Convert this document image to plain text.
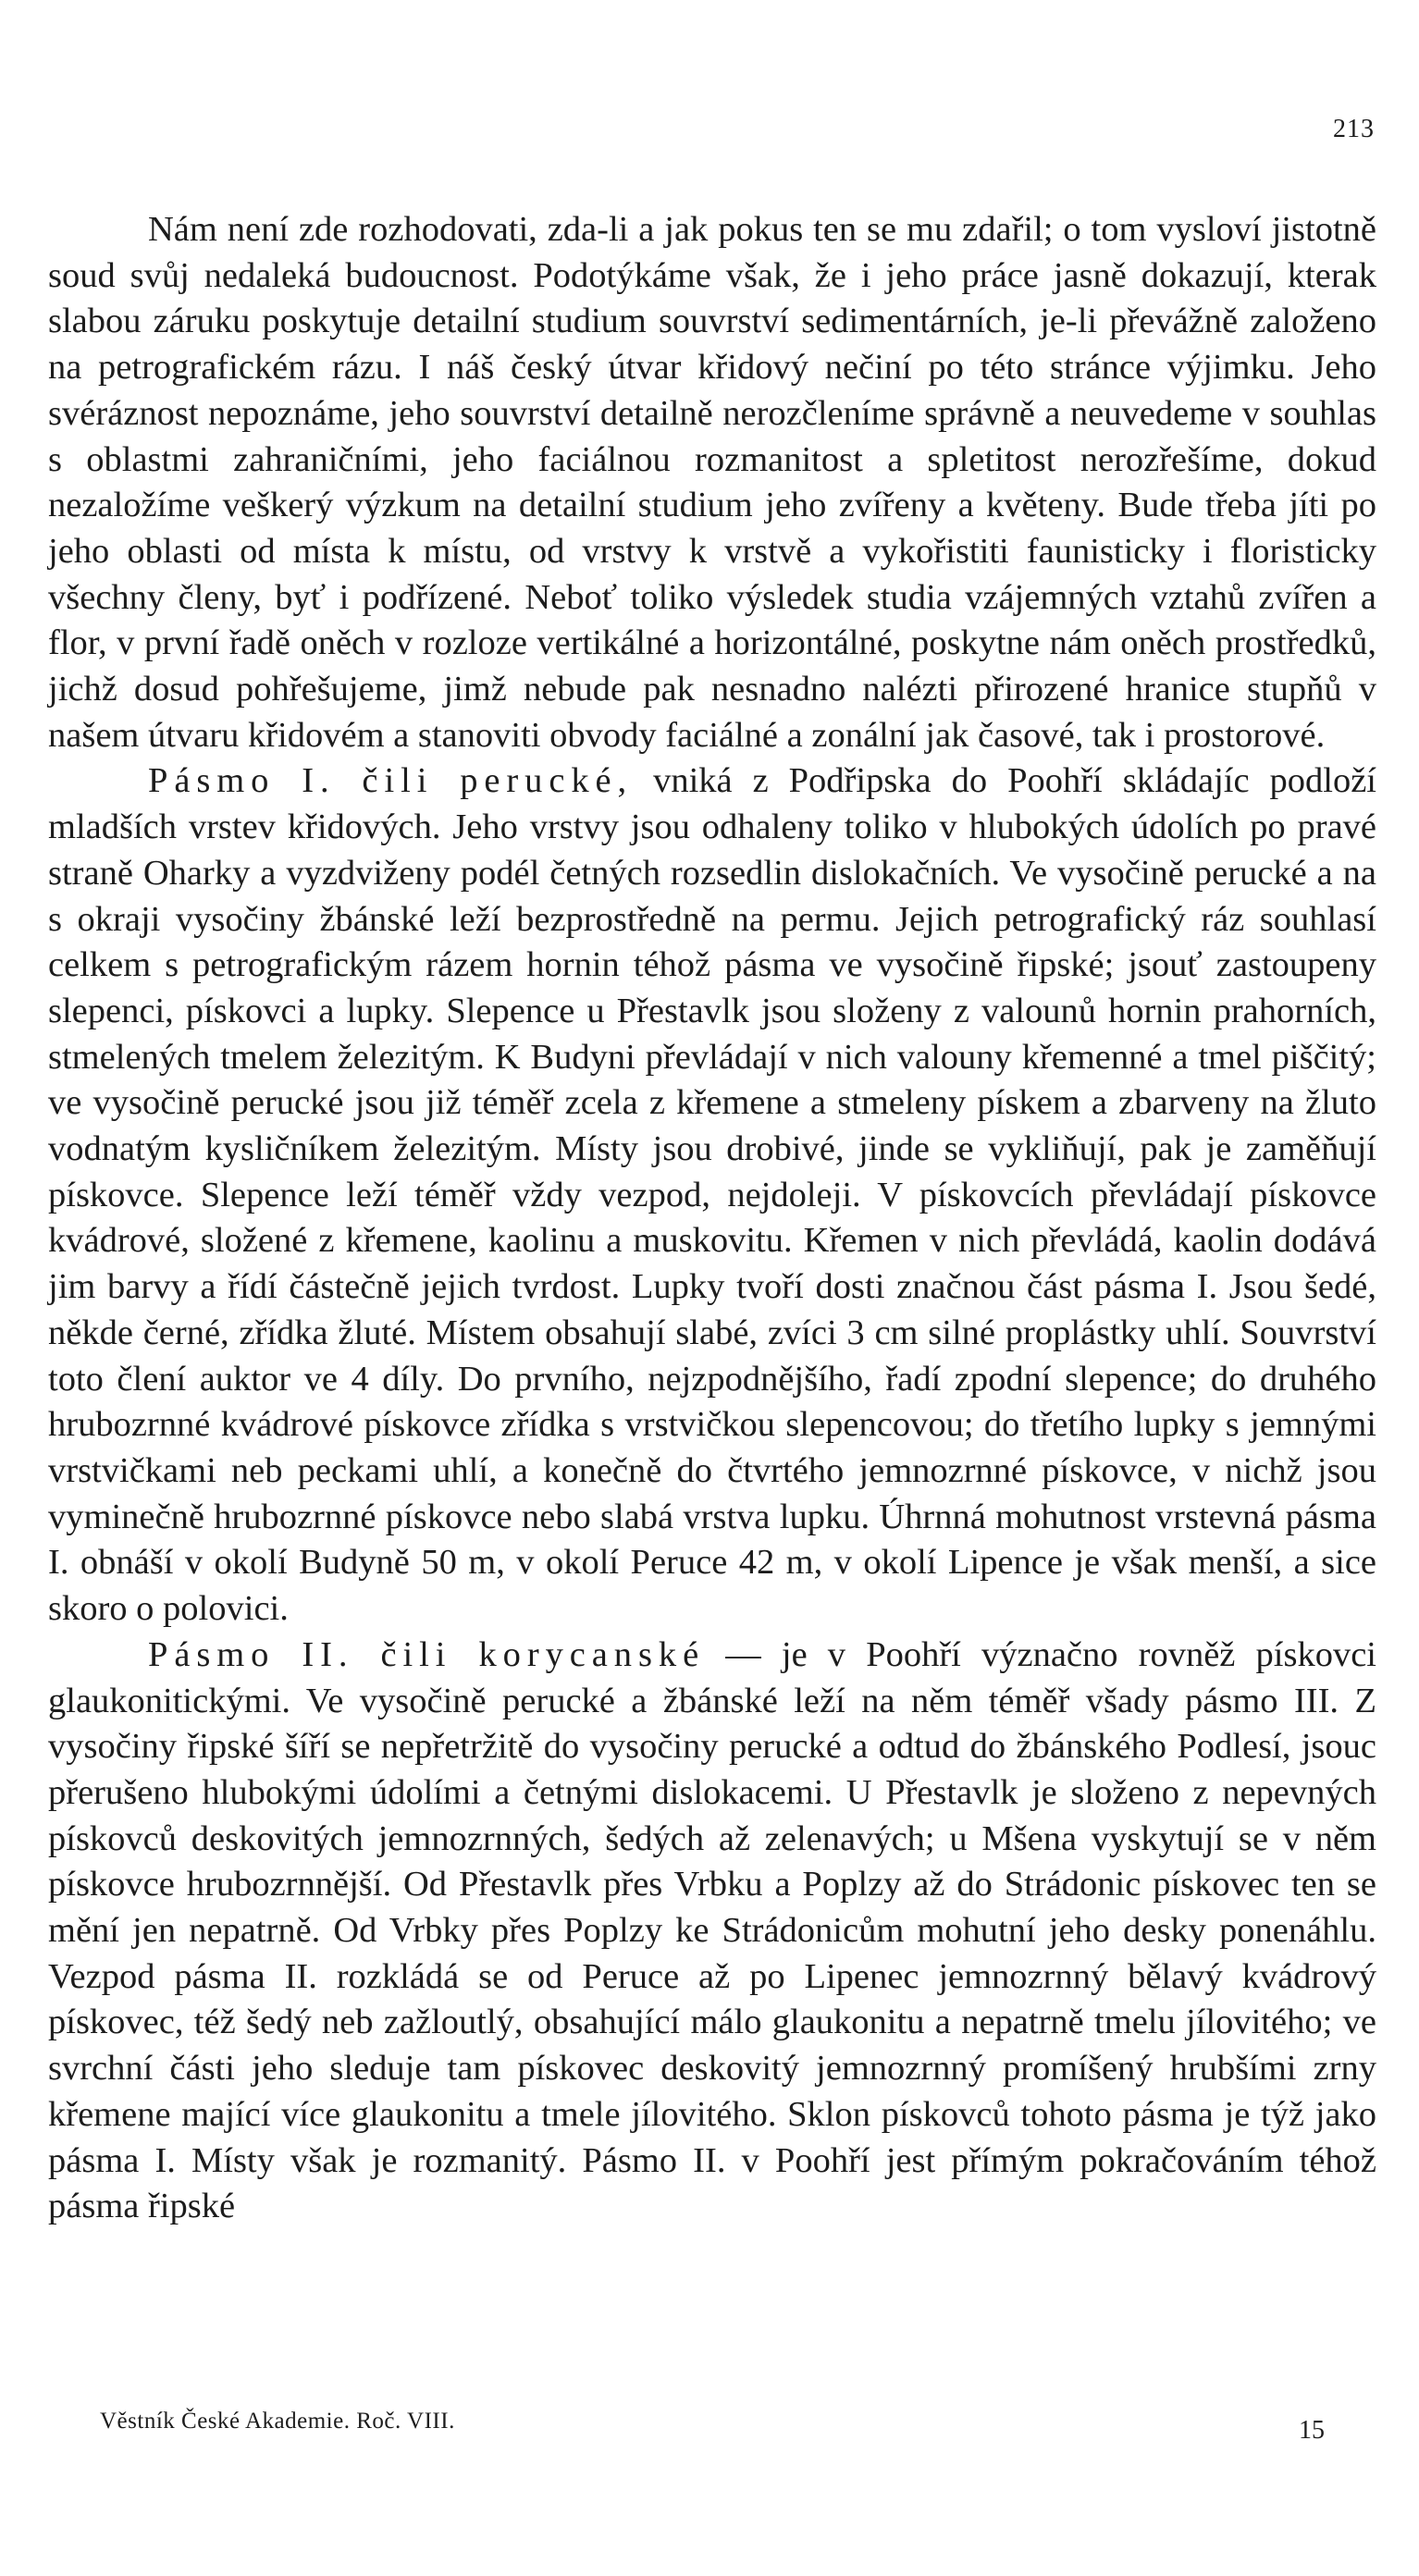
213

Nám není zde rozhodovati, zda-li a jak pokus ten se mu zdařil; o tom vysloví jistotně soud svůj nedaleká budoucnost. Podotýkáme však, že i jeho práce jasně dokazují, kterak slabou záruku poskytuje detailní studium souvrství sedimentárních, je-li převážně založeno na petrografickém rázu. I náš český útvar křidový nečiní po této stránce výjimku. Jeho svéráznost nepoznáme, jeho souvrství detailně nerozčleníme správně a neuvedeme v souhlas s oblastmi zahraničními, jeho faciálnou rozmanitost a spletitost nerozřešíme, dokud nezaložíme veškerý výzkum na detailní studium jeho zvířeny a květeny. Bude třeba jíti po jeho oblasti od místa k místu, od vrstvy k vrstvě a vykořistiti faunisticky i floristicky všechny členy, byť i podřízené. Neboť toliko výsledek studia vzájemných vztahů zvířen a flor, v první řadě oněch v rozloze vertikálné a horizontálné, poskytne nám oněch prostředků, jichž dosud pohřešujeme, jimž nebude pak nesnadno nalézti přirozené hranice stupňů v našem útvaru křidovém a stanoviti obvody faciálné a zonální jak časové, tak i prostorové.

Pásmo I. čili perucké, vniká z Podřipska do Poohří skládajíc podloží mladších vrstev křidových. Jeho vrstvy jsou odhaleny toliko v hlubokých údolích po pravé straně Oharky a vyzdviženy podél četných rozsedlin dislokačních. Ve vysočině perucké a na s okraji vysočiny žbánské leží bezprostředně na permu. Jejich petrografický ráz souhlasí celkem s petrografickým rázem hornin téhož pásma ve vysočině řipské; jsouť zastoupeny slepenci, pískovci a lupky. Slepence u Přestavlk jsou složeny z valounů hornin prahorních, stmelených tmelem železitým. K Budyni převládají v nich valouny křemenné a tmel piščitý; ve vysočině perucké jsou již téměř zcela z křemene a stmeleny pískem a zbarveny na žluto vodnatým kysličníkem železitým. Místy jsou drobivé, jinde se vykliňují, pak je zaměňují pískovce. Slepence leží téměř vždy vezpod, nejdoleji. V pískovcích převládají pískovce kvádrové, složené z křemene, kaolinu a muskovitu. Křemen v nich převládá, kaolin dodává jim barvy a řídí částečně jejich tvrdost. Lupky tvoří dosti značnou část pásma I. Jsou šedé, někde černé, zřídka žluté. Místem obsahují slabé, zvíci 3 cm silné proplástky uhlí. Souvrství toto člení auktor ve 4 díly. Do prvního, nejzpodnějšího, řadí zpodní slepence; do druhého hrubozrnné kvádrové pískovce zřídka s vrstvičkou slepencovou; do třetího lupky s jemnými vrstvičkami neb peckami uhlí, a konečně do čtvrtého jemnozrnné pískovce, v nichž jsou vyminečně hrubozrnné pískovce nebo slabá vrstva lupku. Úhrnná mohutnost vrstevná pásma I. obnáší v okolí Budyně 50 m, v okolí Peruce 42 m, v okolí Lipence je však menší, a sice skoro o polovici.

Pásmo II. čili korycanské — je v Poohří význačno rovněž pískovci glaukonitickými. Ve vysočině perucké a žbánské leží na něm téměř všady pásmo III. Z vysočiny řipské šíří se nepřetržitě do vysočiny perucké a odtud do žbánského Podlesí, jsouc přerušeno hlubokými údolími a četnými dislokacemi. U Přestavlk je složeno z nepevných pískovců deskovitých jemnozrnných, šedých až zelenavých; u Mšena vyskytují se v něm pískovce hrubozrnnější. Od Přestavlk přes Vrbku a Poplzy až do Strádonic pískovec ten se mění jen nepatrně. Od Vrbky přes Poplzy ke Strádonicům mohutní jeho desky ponenáhlu. Vezpod pásma II. rozkládá se od Peruce až po Lipenec jemnozrnný bělavý kvádrový pískovec, též šedý neb zažloutlý, obsahující málo glaukonitu a nepatrně tmelu jílovitého; ve svrchní části jeho sleduje tam pískovec deskovitý jemnozrnný promíšený hrubšími zrny křemene mající více glaukonitu a tmele jílovitého. Sklon pískovců tohoto pásma je týž jako pásma I. Místy však je rozmanitý. Pásmo II. v Poohří jest přímým pokračováním téhož pásma řipské

Věstník České Akademie. Roč. VIII.	15
